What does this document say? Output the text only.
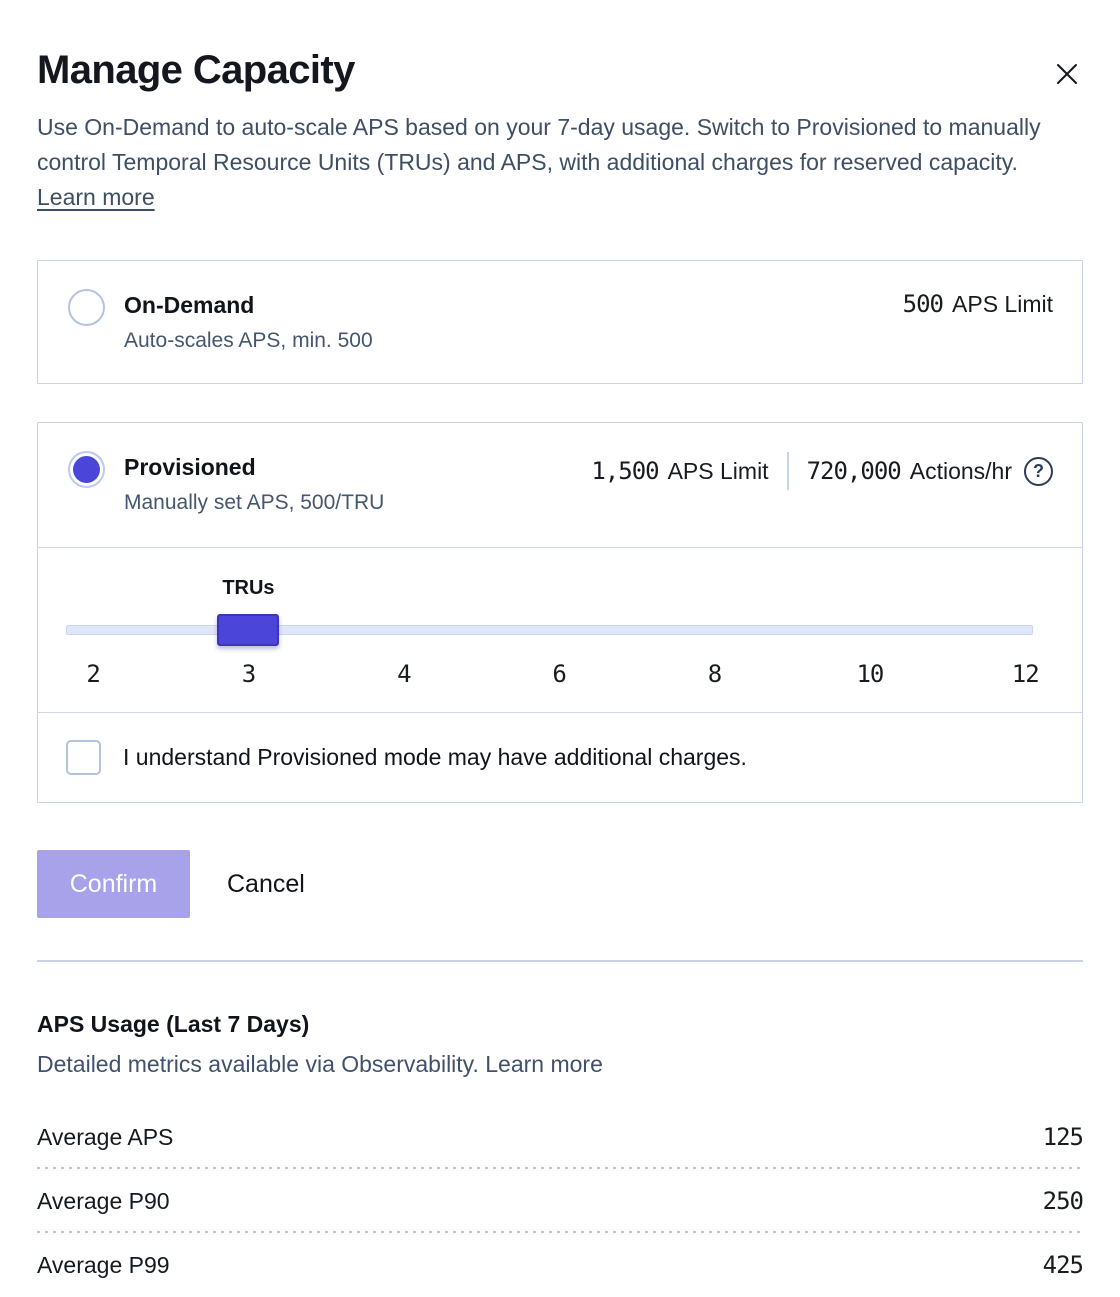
Manage Capacity

Use On-Demand to auto-scale APS based on your 7-day usage. Switch to Provisioned to manually control Temporal Resource Units (TRUs) and APS, with additional charges for reserved capacity. Learn more

On-Demand
Auto-scales APS, min. 500
500 APS Limit
Provisioned
Manually set APS, 500/TRU
1,500 APS Limit 720,000 Actions/hr	?
TRUs
2	3	4	6	8	10	12
I understand Provisioned mode may have additional charges.
Confirm	Cancel
APS Usage (Last 7 Days)
Detailed metrics available via Observability. Learn more
Average APS	125
Average P90	250
Average P99	425
